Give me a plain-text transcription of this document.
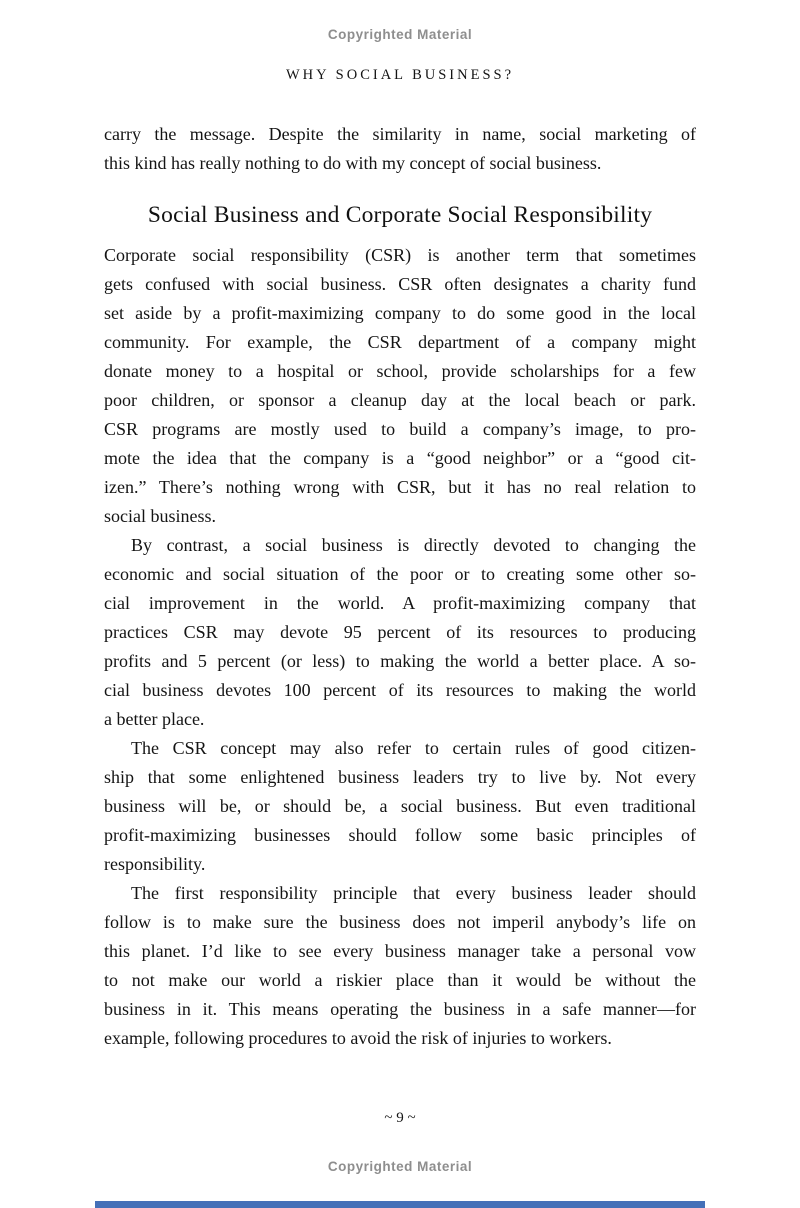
Copyrighted Material
WHY SOCIAL BUSINESS?
carry the message. Despite the similarity in name, social marketing of
this kind has really nothing to do with my concept of social business.
Social Business and Corporate Social Responsibility
Corporate social responsibility (CSR) is another term that sometimes
gets confused with social business. CSR often designates a charity fund
set aside by a profit-maximizing company to do some good in the local
community. For example, the CSR department of a company might
donate money to a hospital or school, provide scholarships for a few
poor children, or sponsor a cleanup day at the local beach or park.
CSR programs are mostly used to build a company’s image, to pro-
mote the idea that the company is a “good neighbor” or a “good cit-
izen.” There’s nothing wrong with CSR, but it has no real relation to
social business.
By contrast, a social business is directly devoted to changing the
economic and social situation of the poor or to creating some other so-
cial improvement in the world. A profit-maximizing company that
practices CSR may devote 95 percent of its resources to producing
profits and 5 percent (or less) to making the world a better place. A so-
cial business devotes 100 percent of its resources to making the world
a better place.
The CSR concept may also refer to certain rules of good citizen-
ship that some enlightened business leaders try to live by. Not every
business will be, or should be, a social business. But even traditional
profit-maximizing businesses should follow some basic principles of
responsibility.
The first responsibility principle that every business leader should
follow is to make sure the business does not imperil anybody’s life on
this planet. I’d like to see every business manager take a personal vow
to not make our world a riskier place than it would be without the
business in it. This means operating the business in a safe manner—for
example, following procedures to avoid the risk of injuries to workers.
~ 9 ~
Copyrighted Material
